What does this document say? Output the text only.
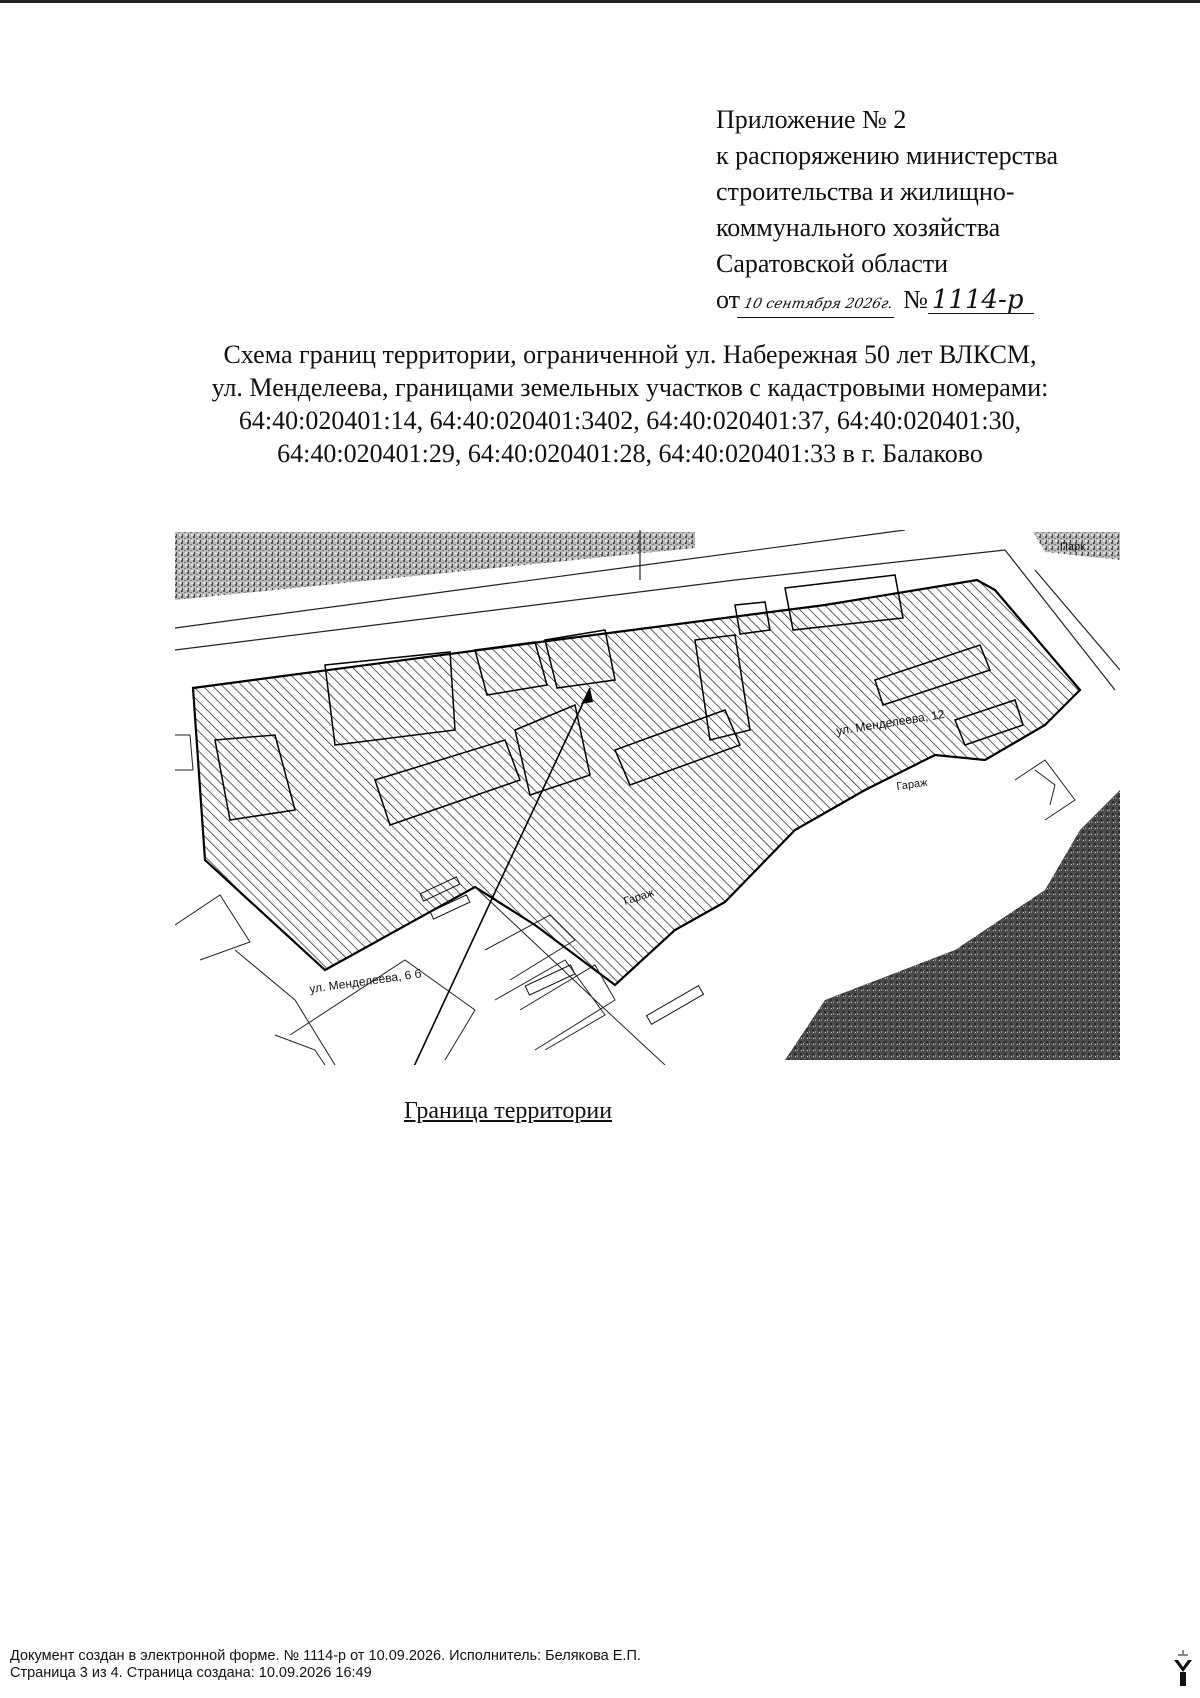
Приложение № 2
к распоряжению министерства
строительства и жилищно-
коммунального хозяйства
Саратовской области
от 10 сентября 2026г. № 1114-р
Схема границ территории, ограниченной ул. Набережная 50 лет ВЛКСМ,
ул. Менделеева, границами земельных участков с кадастровыми номерами:
64:40:020401:14, 64:40:020401:3402, 64:40:020401:37, 64:40:020401:30,
64:40:020401:29, 64:40:020401:28, 64:40:020401:33 в г. Балаково
Парк
ул. Менделеева, 12
Гараж
Гараж
ул. Менделеева, 6 б
Граница территории
Документ создан в электронной форме. № 1114-р от 10.09.2026. Исполнитель: Белякова Е.П.
Страница 3 из 4. Страница создана: 10.09.2026 16:49
